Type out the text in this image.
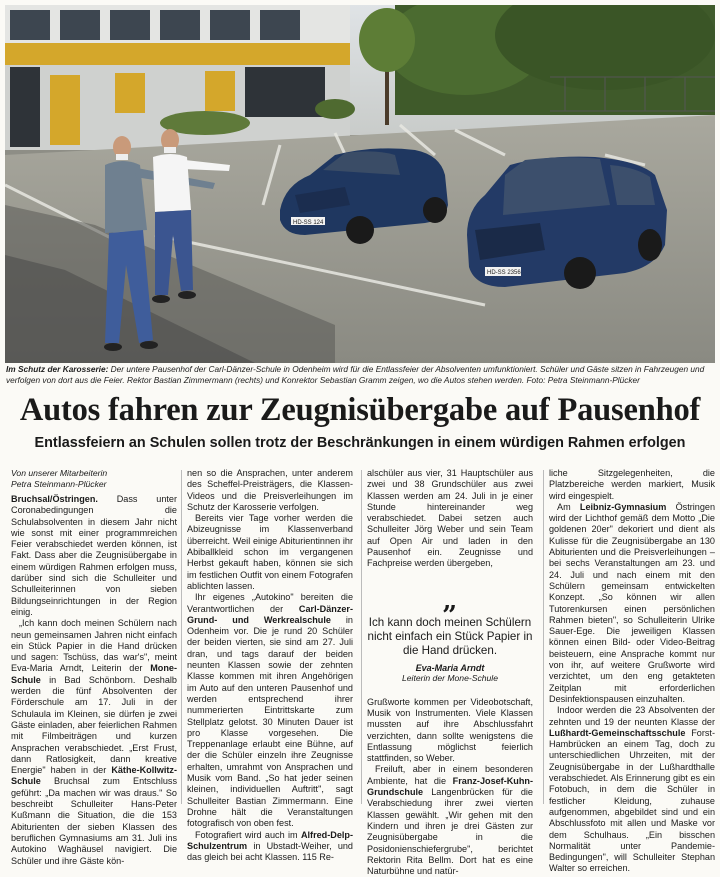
HD-SS 124
HD-SS 2356
Im Schutz der Karosserie: Der untere Pausenhof der Carl-Dänzer-Schule in Odenheim wird für die Entlassfeier der Absolventen umfunktioniert. Schüler und Gäste sitzen in Fahrzeugen und verfolgen von dort aus die Feier. Rektor Bastian Zimmermann (rechts) und Konrektor Sebastian Gramm zeigen, wo die Autos stehen werden. Foto: Petra Steinmann-Plücker
Autos fahren zur Zeugnisübergabe auf Pausenhof
Entlassfeiern an Schulen sollen trotz der Beschränkungen in einem würdigen Rahmen erfolgen
Von unserer Mitarbeiterin
Petra Steinmann-Plücker

Bruchsal/Östringen. Dass unter Coronabedingungen die Schulabsolventen in diesem Jahr nicht wie sonst mit einer programmreichen Feier verabschiedet werden können, ist Fakt. Dass aber die Zeugnisübergabe in einem würdigen Rahmen erfolgen muss, darüber sind sich die Schulleiter und Schulleiterinnen von sieben Bildungseinrichtungen in der Region einig.

„Ich kann doch meinen Schülern nach neun gemeinsamen Jahren nicht einfach ein Stück Papier in die Hand drücken und sagen: Tschüss, das war's", meint Eva-Maria Arndt, Leiterin der Mone-Schule in Bad Schönborn. Deshalb werden die fünf Absolventen der Förderschule am 17. Juli in der Schulaula im Kleinen, sie dürfen je zwei Gäste einladen, aber feierlichen Rahmen mit Filmbeiträgen und kurzen Ansprachen verabschiedet. „Erst Frust, dann Ratlosigkeit, dann kreative Energie" haben in der Käthe-Kollwitz-Schule Bruchsal zum Entschluss geführt: „Da machen wir was draus." So beschreibt Schulleiter Hans-Peter Kußmann die Situation, die die 153 Abiturienten der sieben Klassen des beruflichen Gymnasiums am 31. Juli ins Autokino Waghäusel navigiert. Die Schüler und ihre Gäste kön-

nen so die Ansprachen, unter anderem des Scheffel-Preisträgers, die Klassen-Videos und die Preisverleihungen im Schutz der Karosserie verfolgen.

Bereits vier Tage vorher werden die Abizeugnisse im Klassenverband überreicht. Weil einige Abiturientinnen ihr Abiballkleid schon im vergangenen Herbst gekauft haben, können sie sich im festlichen Outfit von einem Fotografen ablichten lassen.

Ihr eigenes „Autokino" bereiten die Verantwortlichen der Carl-Dänzer-Grund- und Werkrealschule in Odenheim vor. Die je rund 20 Schüler der beiden vierten, sie sind am 27. Juli dran, und tags darauf der beiden neunten Klassen sowie der zehnten Klasse kommen mit ihren Angehörigen im Auto auf den unteren Pausenhof und werden entsprechend ihrer nummerierten Eintrittskarte zum Stellplatz gelotst. 30 Minuten Dauer ist pro Klasse vorgesehen. Die Treppenanlage erlaubt eine Bühne, auf der die Schüler einzeln ihre Zeugnisse erhalten, umrahmt von Ansprachen und Musik vom Band. „So hat jeder seinen kleinen, individuellen Auftritt", sagt Schulleiter Bastian Zimmermann. Eine Drohne hält die Veranstaltungen fotografisch von oben fest.

Fotografiert wird auch im Alfred-Delp-Schulzentrum in Ubstadt-Weiher, und das gleich bei acht Klassen. 115 Re-

alschüler aus vier, 31 Hauptschüler aus zwei und 38 Grundschüler aus zwei Klassen werden am 24. Juli in je einer Stunde hintereinander weg verabschiedet. Dabei setzen auch Schulleiter Jörg Weber und sein Team auf Open Air und laden in den Pausenhof ein. Zeugnisse und Fachpreise werden übergeben,

„
Ich kann doch meinen Schülern nicht einfach ein Stück Papier in die Hand drücken.
Eva-Maria Arndt
Leiterin der Mone-Schule

Grußworte kommen per Videobotschaft, Musik von Instrumenten. Viele Klassen mussten auf ihre Abschlussfahrt verzichten, dann sollte wenigstens die Entlassung möglichst feierlich stattfinden, so Weber.

Freiluft, aber in einem besonderen Ambiente, hat die Franz-Josef-Kuhn-Grundschule Langenbrücken für die Verabschiedung ihrer zwei vierten Klassen gewählt. „Wir gehen mit den Kindern und ihren je drei Gästen zur Zeugnisübergabe in die Posidonienschiefergrube", berichtet Rektorin Rita Bellm. Dort hat es eine Naturbühne und natür-

liche Sitzgelegenheiten, die Platzbereiche werden markiert, Musik wird eingespielt.

Am Leibniz-Gymnasium Östringen wird der Lichthof gemäß dem Motto „Die goldenen 20er" dekoriert und dient als Kulisse für die Zeugnisübergabe an 130 Abiturienten und die Preisverleihungen – bei sechs Veranstaltungen am 23. und 24. Juli und nach einem mit den Schülern gemeinsam entwickelten Konzept. „So können wir allen Tutorenkursen einen persönlichen Rahmen bieten", so Schulleiterin Ulrike Sauer-Ege. Die jeweiligen Klassen können einen Bild- oder Video-Beitrag beisteuern, eine Ansprache kommt nur von ihr, auf weitere Grußworte wird verzichtet, um den eng getakteten Zeitplan mit erforderlichen Desinfektionspausen einzuhalten.

Indoor werden die 23 Absolventen der zehnten und 19 der neunten Klasse der Lußhardt-Gemeinschaftsschule Forst-Hambrücken an einem Tag, doch zu unterschiedlichen Uhrzeiten, mit der Zeugnisübergabe in der Lußhardthalle verabschiedet. Als Erinnerung gibt es ein Fotobuch, in dem die Schüler in festlicher Kleidung, zuhause aufgenommen, abgebildet sind und ein Abschlussfoto mit allen und Maske vor dem Schulhaus. „Ein bisschen Normalität unter Pandemie-Bedingungen", will Schulleiter Stephan Walter so erreichen.
